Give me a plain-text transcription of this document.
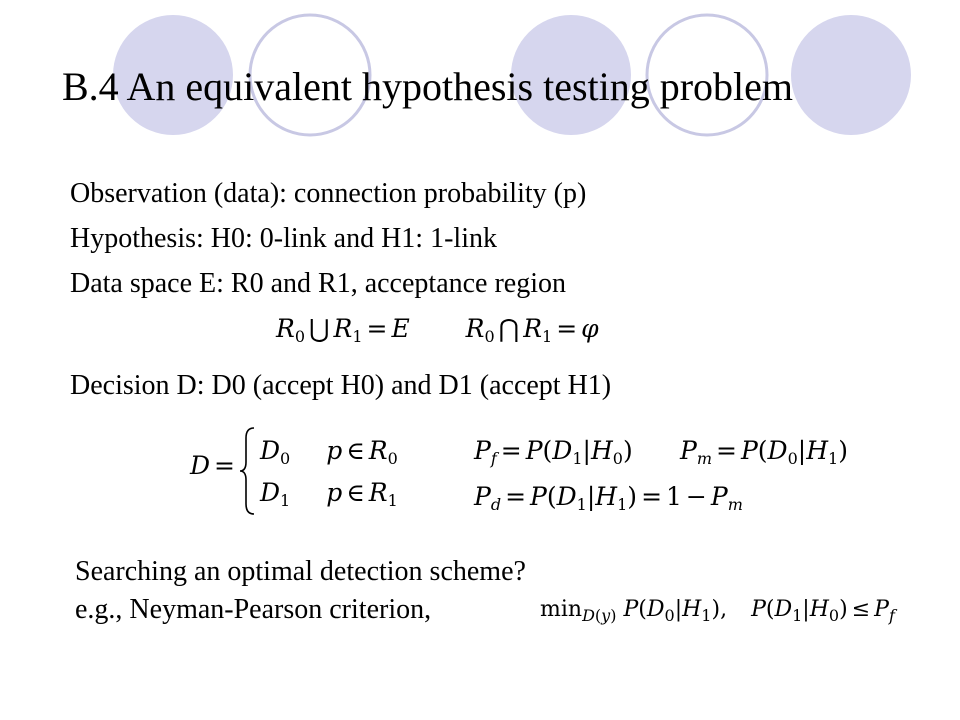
B.4 An equivalent hypothesis testing problem
Observation (data): connection probability (p)
Hypothesis: H0: 0-link and H1: 1-link
Data space E: R0 and R1, acceptance region
$R_0$ ⋃ $R_1 = E$ $R_0$ ⋂ $R_1 = \varphi$
Decision D: D0 (accept H0) and D1 (accept H1)
D =
$D_0$ p ∈ $R_0$
$D_1$ p ∈ $R_1$
$P_f = P(D_1|H_0) P_m = P(D_0|H_1)$
$P_d = P(D_1|H_1) = 1 - P_m$
Searching an optimal detection scheme?
e.g., Neyman-Pearson criterion,	$\min_{D(y)} P(D_0|H_1)$,  $P(D_1|H_0) \le P_f$
